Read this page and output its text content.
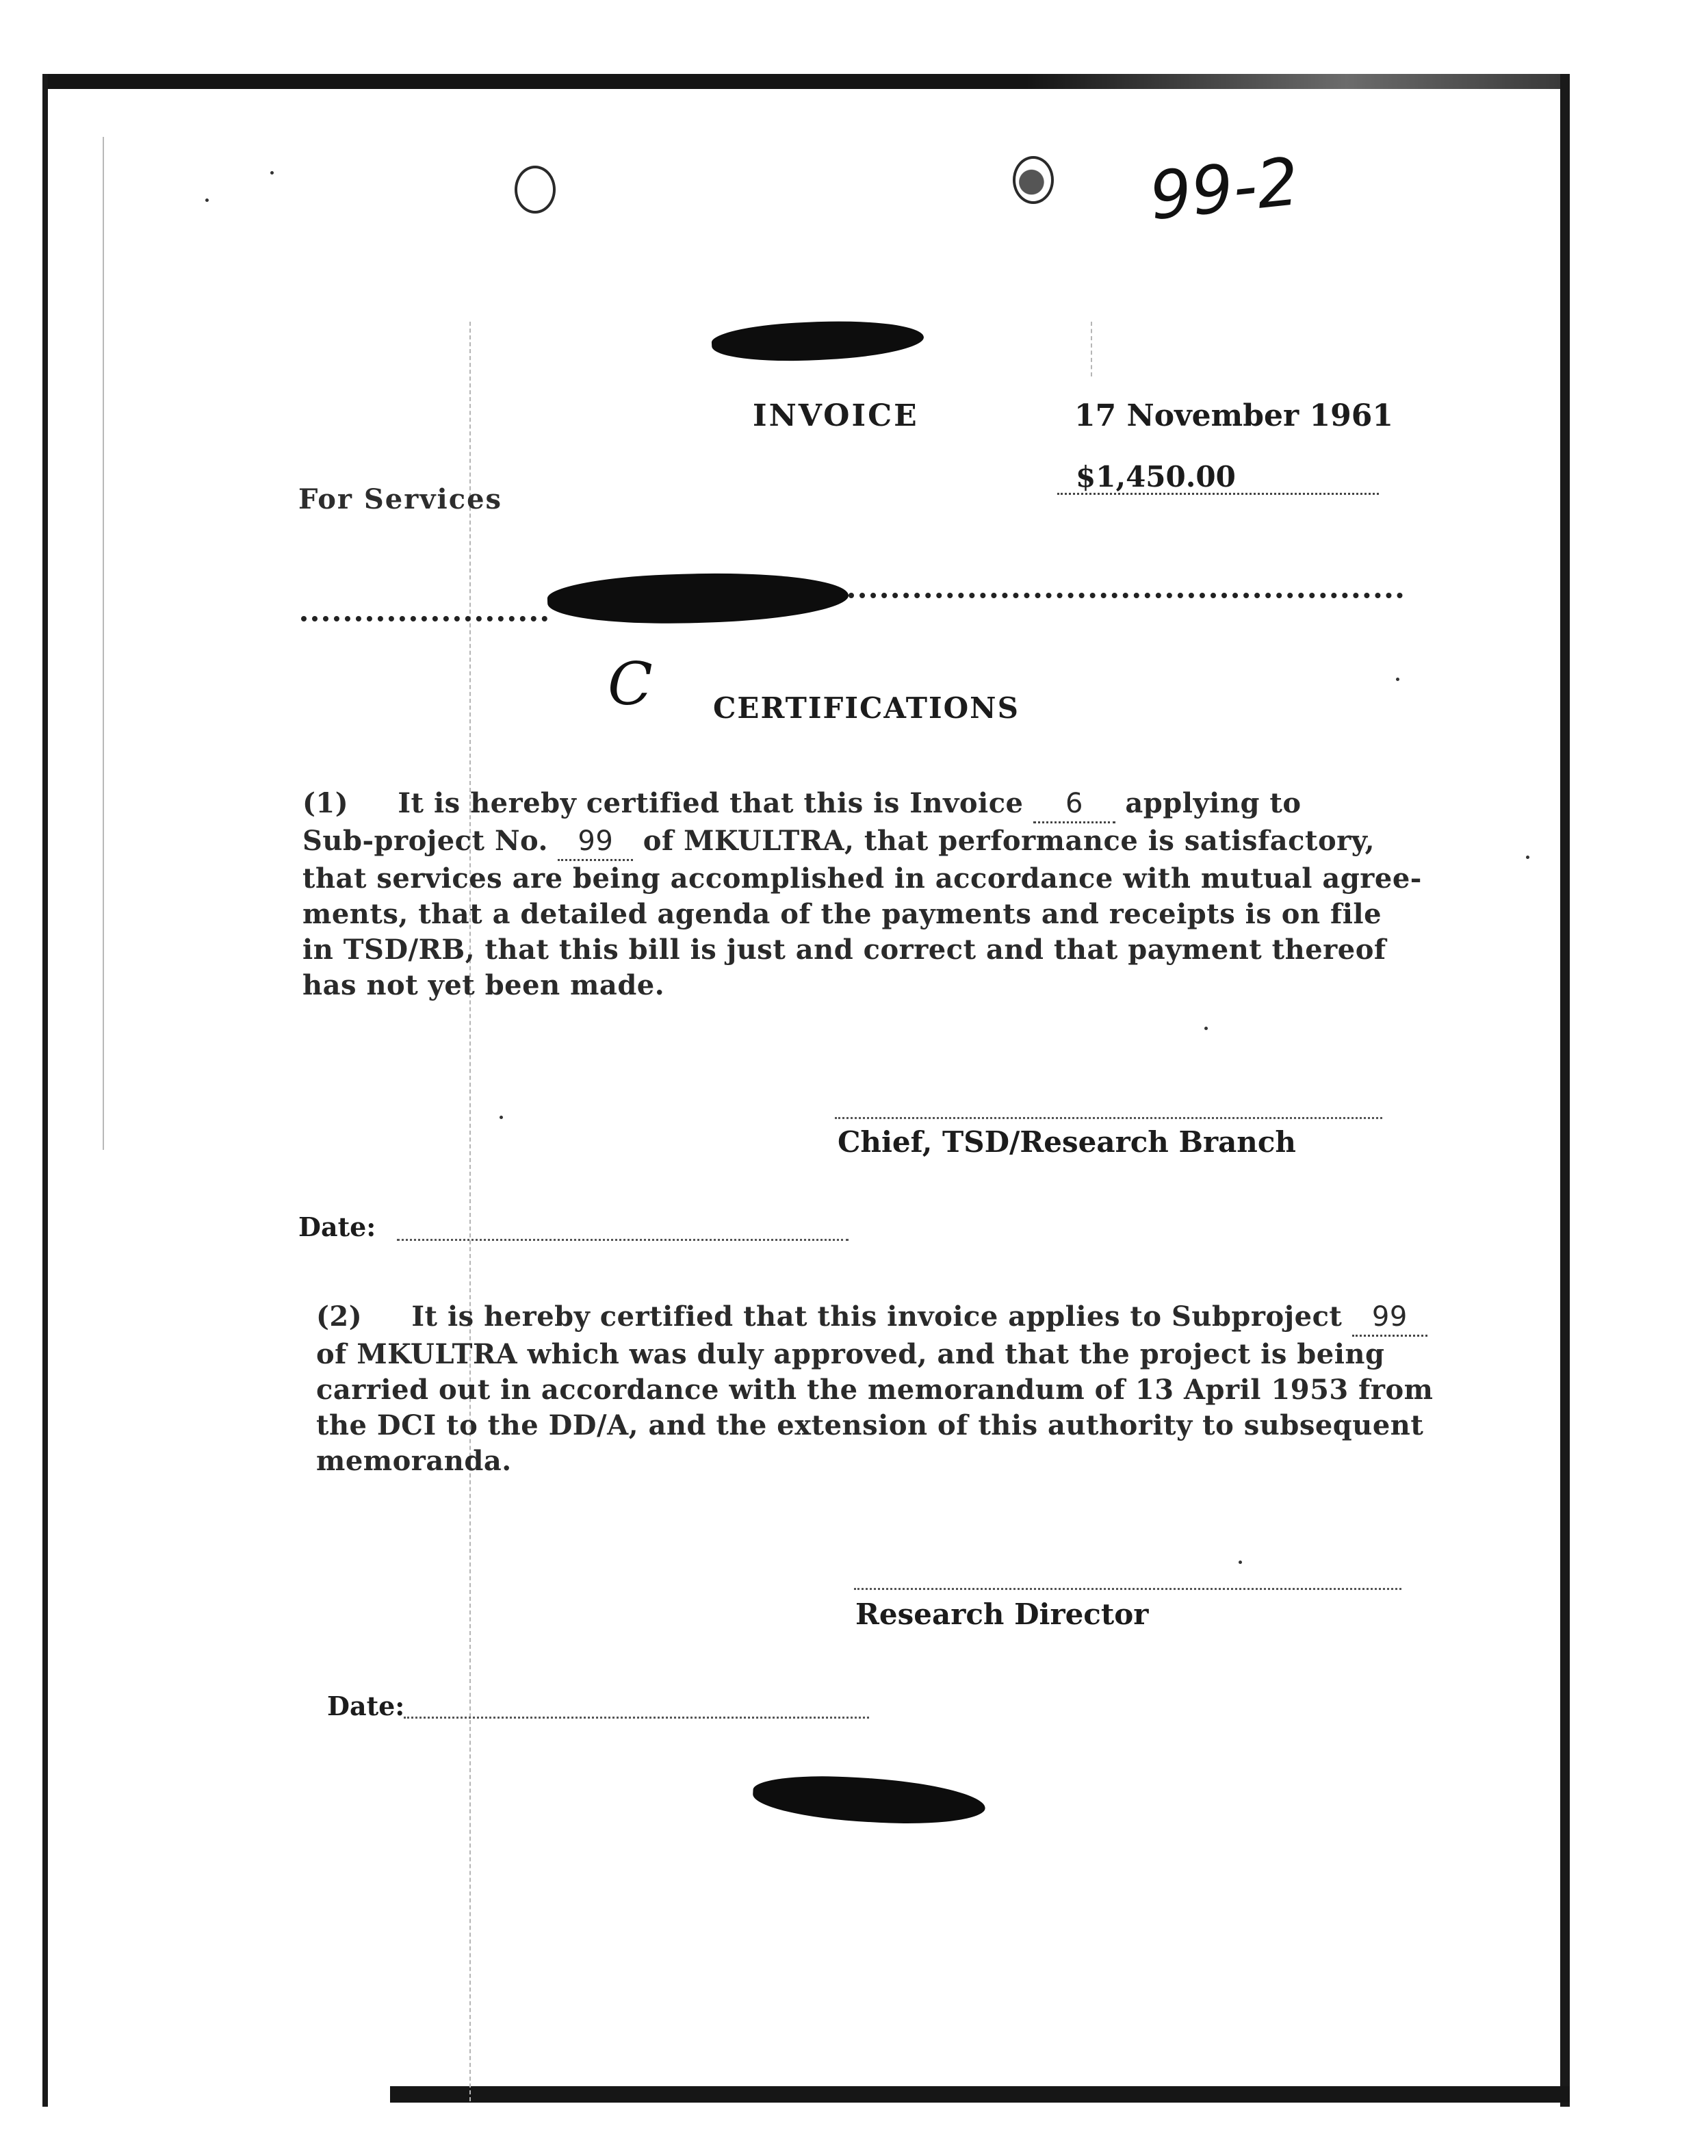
99-2
C
INVOICE	17 November 1961
$1,450.00
For Services
CERTIFICATIONS
(1) It is hereby certified that this is Invoice 6 applying to
Sub-project No. 99 of MKULTRA, that performance is satisfactory,
that services are being accomplished in accordance with mutual agree-
ments, that a detailed agenda of the payments and receipts is on file
in TSD/RB, that this bill is just and correct and that payment thereof
has not yet been made.
Chief, TSD/Research Branch
Date:
(2) It is hereby certified that this invoice applies to Subproject 99
of MKULTRA which was duly approved, and that the project is being
carried out in accordance with the memorandum of 13 April 1953 from
the DCI to the DD/A, and the extension of this authority to subsequent
memoranda.
Research Director
Date:
